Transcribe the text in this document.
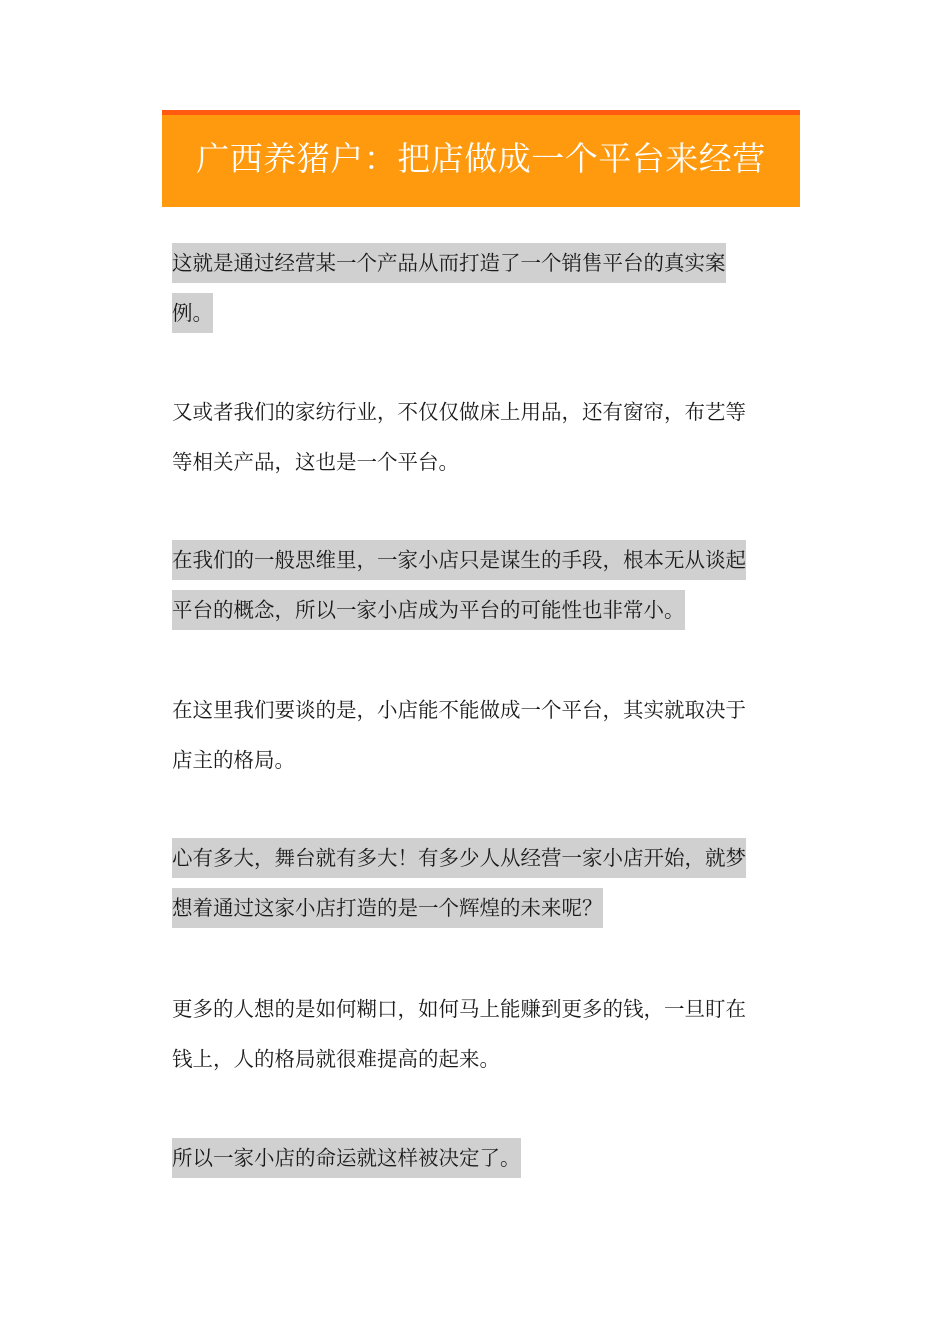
广西养猪户：把店做成一个平台来经营
这就是通过经营某一个产品从而打造了一个销售平台的真实案
例。
又或者我们的家纺行业，不仅仅做床上用品，还有窗帘，布艺等
等相关产品，这也是一个平台。
在我们的一般思维里，一家小店只是谋生的手段，根本无从谈起
平台的概念，所以一家小店成为平台的可能性也非常小。
在这里我们要谈的是，小店能不能做成一个平台，其实就取决于
店主的格局。
心有多大，舞台就有多大！有多少人从经营一家小店开始，就梦
想着通过这家小店打造的是一个辉煌的未来呢？
更多的人想的是如何糊口，如何马上能赚到更多的钱，一旦盯在
钱上，人的格局就很难提高的起来。
所以一家小店的命运就这样被决定了。
